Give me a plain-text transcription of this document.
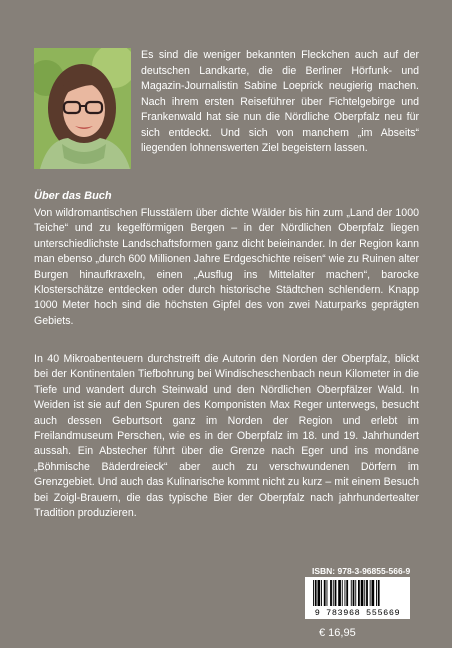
Es sind die weniger bekannten Fleckchen auch auf der deutschen Landkarte, die die Berliner Hörfunk- und Magazin-Journalistin Sabine Loeprick neugierig machen. Nach ihrem ersten Reiseführer über Fichtelgebirge und Frankenwald hat sie nun die Nördliche Oberpfalz neu für sich entdeckt. Und sich von manchem „im Abseits“ liegenden lohnenswerten Ziel begeistern lassen.

Über das Buch

Von wildromantischen Flusstälern über dichte Wälder bis hin zum „Land der 1000 Teiche“ und zu kegelförmigen Bergen – in der Nördlichen Oberpfalz liegen unterschiedlichste Landschaftsformen ganz dicht beieinander. In der Region kann man ebenso „durch 600 Millionen Jahre Erdgeschichte reisen“ wie zu Ruinen alter Burgen hinaufkraxeln, einen „Ausflug ins Mittelalter machen“, barocke Klosterschätze entdecken oder durch historische Städtchen schlendern. Knapp 1000 Meter hoch sind die höchsten Gipfel des von zwei Naturparks geprägten Gebiets.

In 40 Mikroabenteuern durchstreift die Autorin den Norden der Oberpfalz, blickt bei der Kontinentalen Tiefbohrung bei Windischeschenbach neun Kilometer in die Tiefe und wandert durch Steinwald und den Nördlichen Oberpfälzer Wald. In Weiden ist sie auf den Spuren des Komponisten Max Reger unterwegs, besucht auch dessen Geburtsort ganz im Norden der Region und erlebt im Freilandmuseum Perschen, wie es in der Oberpfalz im 18. und 19. Jahrhundert aussah. Ein Abstecher führt über die Grenze nach Eger und ins mondäne „Böhmische Bäderdreieck“ aber auch zu verschwundenen Dörfern im Grenzgebiet. Und auch das Kulinarische kommt nicht zu kurz – mit einem Besuch bei Zoigl-Brauern, die das typische Bier der Oberpfalz nach jahrhundertealter Tradition produzieren.

ISBN: 978-3-96855-566-9

9 783968 555669

€ 16,95
